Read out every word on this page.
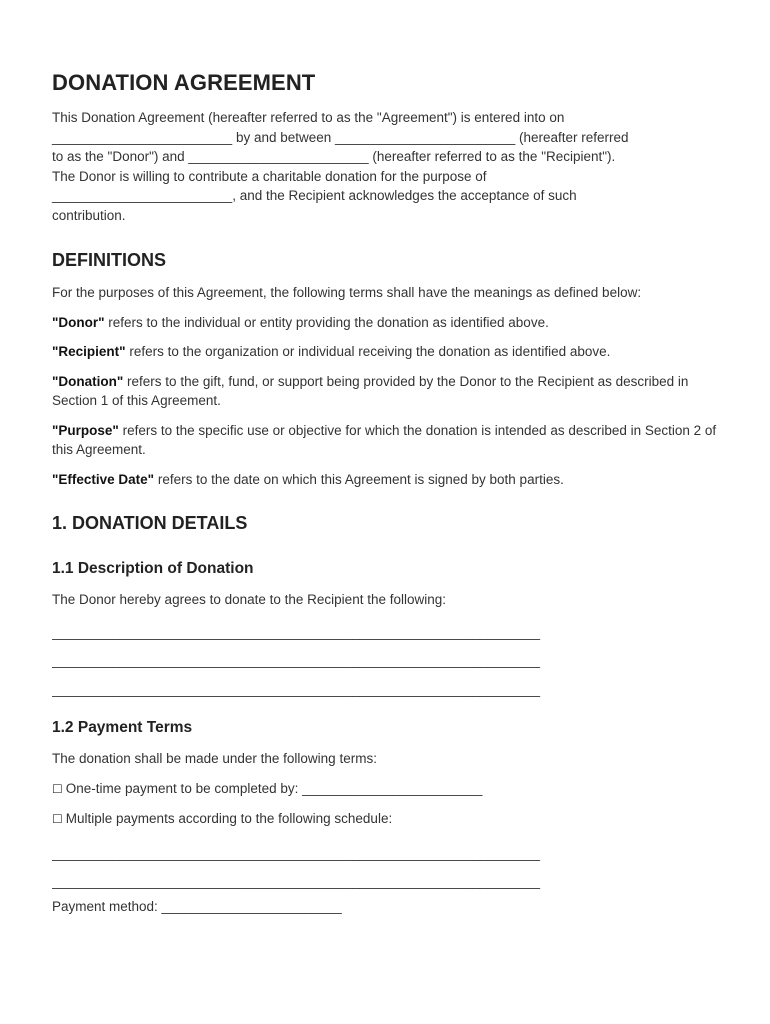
DONATION AGREEMENT

This Donation Agreement (hereafter referred to as the "Agreement") is entered into on

________________________ by and between ________________________ (hereafter referred

to as the "Donor") and ________________________ (hereafter referred to as the "Recipient").

The Donor is willing to contribute a charitable donation for the purpose of

________________________, and the Recipient acknowledges the acceptance of such

contribution.

DEFINITIONS

For the purposes of this Agreement, the following terms shall have the meanings as defined below:

"Donor" refers to the individual or entity providing the donation as identified above.

"Recipient" refers to the organization or individual receiving the donation as identified above.

"Donation" refers to the gift, fund, or support being provided by the Donor to the Recipient as described in Section 1 of this Agreement.

"Purpose" refers to the specific use or objective for which the donation is intended as described in Section 2 of this Agreement.

"Effective Date" refers to the date on which this Agreement is signed by both parties.

1. DONATION DETAILS
1.1 Description of Donation

The Donor hereby agrees to donate to the Recipient the following:

_________________________________________________________________

_________________________________________________________________

_________________________________________________________________

1.2 Payment Terms

The donation shall be made under the following terms:

☐ One-time payment to be completed by: ________________________

☐ Multiple payments according to the following schedule:

_________________________________________________________________

_________________________________________________________________

Payment method: ________________________
